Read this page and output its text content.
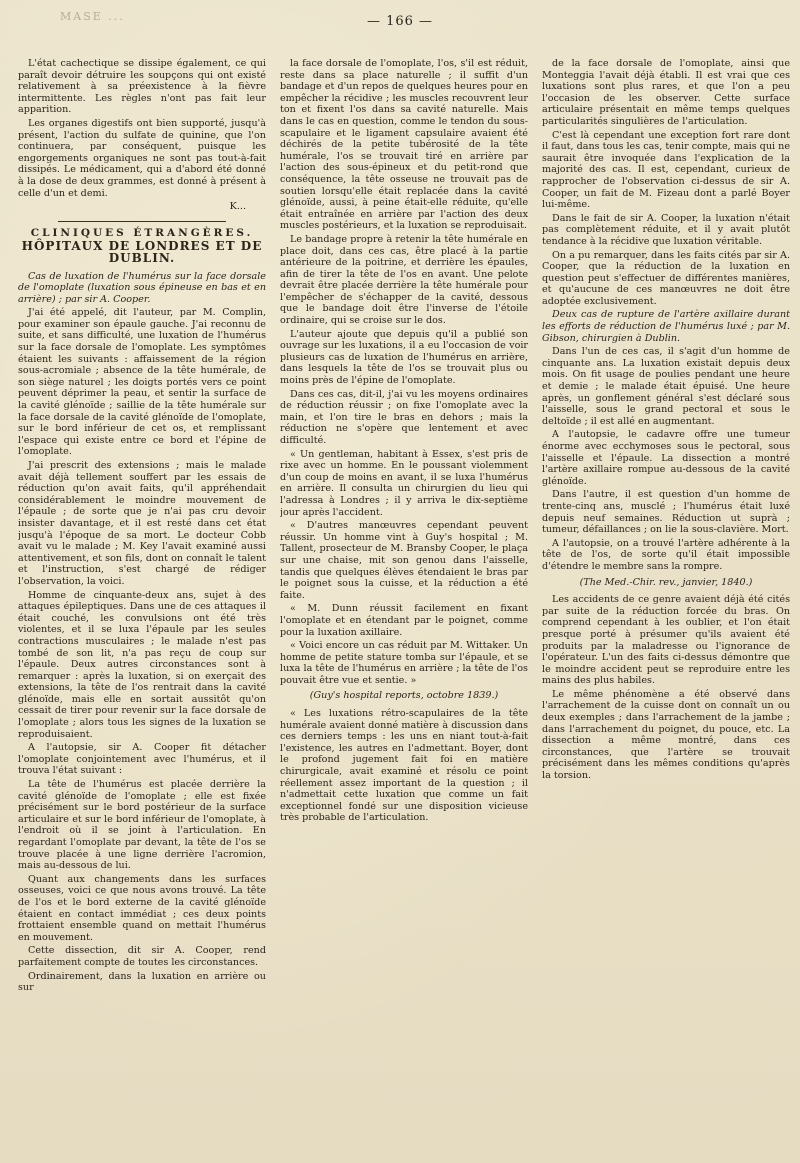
MASE ...	— 166 —

L'état cachectique se dissipe également, ce qui paraît devoir détruire les soupçons qui ont existé relativement à sa préexistence à la fièvre intermittente. Les règles n'ont pas fait leur apparition.

Les organes digestifs ont bien supporté, jusqu'à présent, l'action du sulfate de quinine, que l'on continuera, par conséquent, puisque les engorgements organiques ne sont pas tout-à-fait dissipés. Le médicament, qui a d'abord été donné à la dose de deux grammes, est donné à présent à celle d'un et demi.

K...
CLINIQUES ÉTRANGÈRES.
HÔPITAUX DE LONDRES ET DE DUBLIN.

Cas de luxation de l'humérus sur la face dorsale de l'omoplate (luxation sous épineuse en bas et en arrière) ; par sir A. Cooper.

J'ai été appelé, dit l'auteur, par M. Complin, pour examiner son épaule gauche. J'ai reconnu de suite, et sans difficulté, une luxation de l'humérus sur la face dorsale de l'omoplate. Les symptômes étaient les suivants : affaissement de la région sous-acromiale ; absence de la tête humérale, de son siège naturel ; les doigts portés vers ce point peuvent déprimer la peau, et sentir la surface de la cavité glénoïde ; saillie de la tête humérale sur la face dorsale de la cavité glénoïde de l'omoplate, sur le bord inférieur de cet os, et remplissant l'espace qui existe entre ce bord et l'épine de l'omoplate.

J'ai prescrit des extensions ; mais le malade avait déjà tellement souffert par les essais de réduction qu'on avait faits, qu'il appréhendait considérablement le moindre mouvement de l'épaule ; de sorte que je n'ai pas cru devoir insister davantage, et il est resté dans cet état jusqu'à l'époque de sa mort. Le docteur Cobb avait vu le malade ; M. Key l'avait examiné aussi attentivement, et son fils, dont on connaît le talent et l'instruction, s'est chargé de rédiger l'observation, la voici.

Homme de cinquante-deux ans, sujet à des attaques épileptiques. Dans une de ces attaques il était couché, les convulsions ont été très violentes, et il se luxa l'épaule par les seules contractions musculaires ; le malade n'est pas tombé de son lit, n'a pas reçu de coup sur l'épaule. Deux autres circonstances sont à remarquer : après la luxation, si on exerçait des extensions, la tête de l'os rentrait dans la cavité glénoïde, mais elle en sortait aussitôt qu'on cessait de tirer pour revenir sur la face dorsale de l'omoplate ; alors tous les signes de la luxation se reproduisaient.

A l'autopsie, sir A. Cooper fit détacher l'omoplate conjointement avec l'humérus, et il trouva l'état suivant :

La tête de l'humérus est placée derrière la cavité glénoïde de l'omoplate ; elle est fixée précisément sur le bord postérieur de la surface articulaire et sur le bord inférieur de l'omoplate, à l'endroit où il se joint à l'articulation. En regardant l'omoplate par devant, la tête de l'os se trouve placée à une ligne derrière l'acromion, mais au-dessous de lui.

Quant aux changements dans les surfaces osseuses, voici ce que nous avons trouvé. La tête de l'os et le bord externe de la cavité glénoïde étaient en contact immédiat ; ces deux points frottaient ensemble quand on mettait l'humérus en mouvement.

Cette dissection, dit sir A. Cooper, rend parfaitement compte de toutes les circonstances.

Ordinairement, dans la luxation en arrière ou sur

la face dorsale de l'omoplate, l'os, s'il est réduit, reste dans sa place naturelle ; il suffit d'un bandage et d'un repos de quelques heures pour en empêcher la récidive ; les muscles recouvrent leur ton et fixent l'os dans sa cavité naturelle. Mais dans le cas en question, comme le tendon du sous-scapulaire et le ligament capsulaire avaient été déchirés de la petite tubérosité de la tête humérale, l'os se trouvait tiré en arrière par l'action des sous-épineux et du petit-rond que conséquence, la tête osseuse ne trouvait pas de soutien lorsqu'elle était replacée dans la cavité glénoïde, aussi, à peine était-elle réduite, qu'elle était entraînée en arrière par l'action des deux muscles postérieurs, et la luxation se reproduisait.

Le bandage propre à retenir la tête humérale en place doit, dans ces cas, être placé à la partie antérieure de la poitrine, et derrière les épaules, afin de tirer la tête de l'os en avant. Une pelote devrait être placée derrière la tête humérale pour l'empêcher de s'échapper de la cavité, dessous que le bandage doit être l'inverse de l'étoile ordinaire, qui se croise sur le dos.

L'auteur ajoute que depuis qu'il a publié son ouvrage sur les luxations, il a eu l'occasion de voir plusieurs cas de luxation de l'humérus en arrière, dans lesquels la tête de l'os se trouvait plus ou moins près de l'épine de l'omoplate.

Dans ces cas, dit-il, j'ai vu les moyens ordinaires de réduction réussir ; on fixe l'omoplate avec la main, et l'on tire le bras en dehors ; mais la réduction ne s'opère que lentement et avec difficulté.

« Un gentleman, habitant à Essex, s'est pris de rixe avec un homme. En le poussant violemment d'un coup de moins en avant, il se luxa l'humérus en arrière. Il consulta un chirurgien du lieu qui l'adressa à Londres ; il y arriva le dix-septième jour après l'accident.

« D'autres manœuvres cependant peuvent réussir. Un homme vint à Guy's hospital ; M. Tallent, prosecteur de M. Bransby Cooper, le plaça sur une chaise, mit son genou dans l'aisselle, tandis que quelques élèves étendaient le bras par le poignet sous la cuisse, et la réduction a été faite.

« M. Dunn réussit facilement en fixant l'omoplate et en étendant par le poignet, comme pour la luxation axillaire.

« Voici encore un cas réduit par M. Wittaker. Un homme de petite stature tomba sur l'épaule, et se luxa la tête de l'humérus en arrière ; la tête de l'os pouvait être vue et sentie. »

(Guy's hospital reports, octobre 1839.)

« Les luxations rétro-scapulaires de la tête humérale avaient donné matière à discussion dans ces derniers temps : les uns en niant tout-à-fait l'existence, les autres en l'admettant. Boyer, dont le profond jugement fait foi en matière chirurgicale, avait examiné et résolu ce point réellement assez important de la question ; il n'admettait cette luxation que comme un fait exceptionnel fondé sur une disposition vicieuse très probable de l'articulation.

de la face dorsale de l'omoplate, ainsi que Monteggia l'avait déjà établi. Il est vrai que ces luxations sont plus rares, et que l'on a peu l'occasion de les observer. Cette surface articulaire présentait en même temps quelques particularités singulières de l'articulation.

C'est là cependant une exception fort rare dont il faut, dans tous les cas, tenir compte, mais qui ne saurait être invoquée dans l'explication de la majorité des cas. Il est, cependant, curieux de rapprocher de l'observation ci-dessus de sir A. Cooper, un fait de M. Fizeau dont a parlé Boyer lui-même.

Dans le fait de sir A. Cooper, la luxation n'était pas complètement réduite, et il y avait plutôt tendance à la récidive que luxation véritable.

On a pu remarquer, dans les faits cités par sir A. Cooper, que la réduction de la luxation en question peut s'effectuer de différentes manières, et qu'aucune de ces manœuvres ne doit être adoptée exclusivement.

Deux cas de rupture de l'artère axillaire durant les efforts de réduction de l'humérus luxé ; par M. Gibson, chirurgien à Dublin.

Dans l'un de ces cas, il s'agit d'un homme de cinquante ans. La luxation existait depuis deux mois. On fit usage de poulies pendant une heure et demie ; le malade était épuisé. Une heure après, un gonflement général s'est déclaré sous l'aisselle, sous le grand pectoral et sous le deltoïde ; il est allé en augmentant.

A l'autopsie, le cadavre offre une tumeur énorme avec ecchymoses sous le pectoral, sous l'aisselle et l'épaule. La dissection a montré l'artère axillaire rompue au-dessous de la cavité glénoïde.

Dans l'autre, il est question d'un homme de trente-cinq ans, musclé ; l'humérus était luxé depuis neuf semaines. Réduction ut suprà ; tumeur, défaillances ; on lie la sous-clavière. Mort.

A l'autopsie, on a trouvé l'artère adhérente à la tête de l'os, de sorte qu'il était impossible d'étendre le membre sans la rompre.

(The Med.-Chir. rev., janvier, 1840.)

Les accidents de ce genre avaient déjà été cités par suite de la réduction forcée du bras. On comprend cependant à les oublier, et l'on était presque porté à présumer qu'ils avaient été produits par la maladresse ou l'ignorance de l'opérateur. L'un des faits ci-dessus démontre que le moindre accident peut se reproduire entre les mains des plus habiles.

Le même phénomène a été observé dans l'arrachement de la cuisse dont on connaît un ou deux exemples ; dans l'arrachement de la jambe ; dans l'arrachement du poignet, du pouce, etc. La dissection a même montré, dans ces circonstances, que l'artère se trouvait précisément dans les mêmes conditions qu'après la torsion.
